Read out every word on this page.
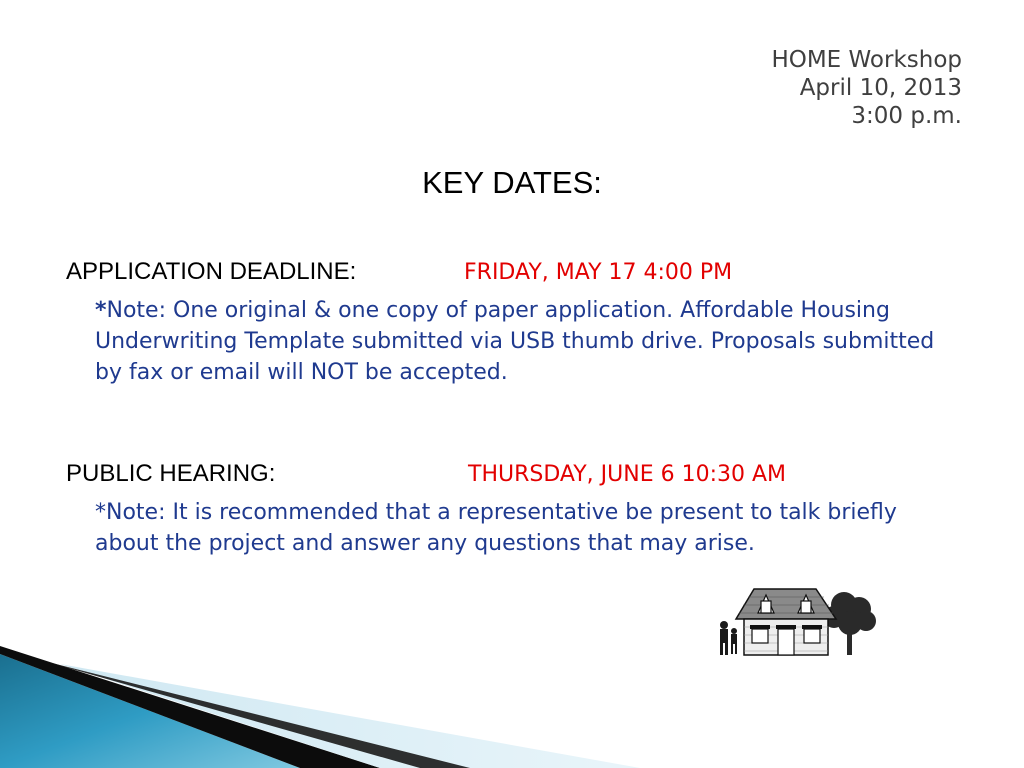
HOME Workshop
April 10, 2013
3:00 p.m.
KEY DATES:
APPLICATION DEADLINE:	FRIDAY, MAY 17 4:00 PM
*Note: One original & one copy of paper application. Affordable Housing Underwriting Template submitted via USB thumb drive. Proposals submitted by fax or email will NOT be accepted.
PUBLIC HEARING:	THURSDAY, JUNE 6 10:30 AM
*Note: It is recommended that a representative be present to talk briefly about the project and answer any questions that may arise.
